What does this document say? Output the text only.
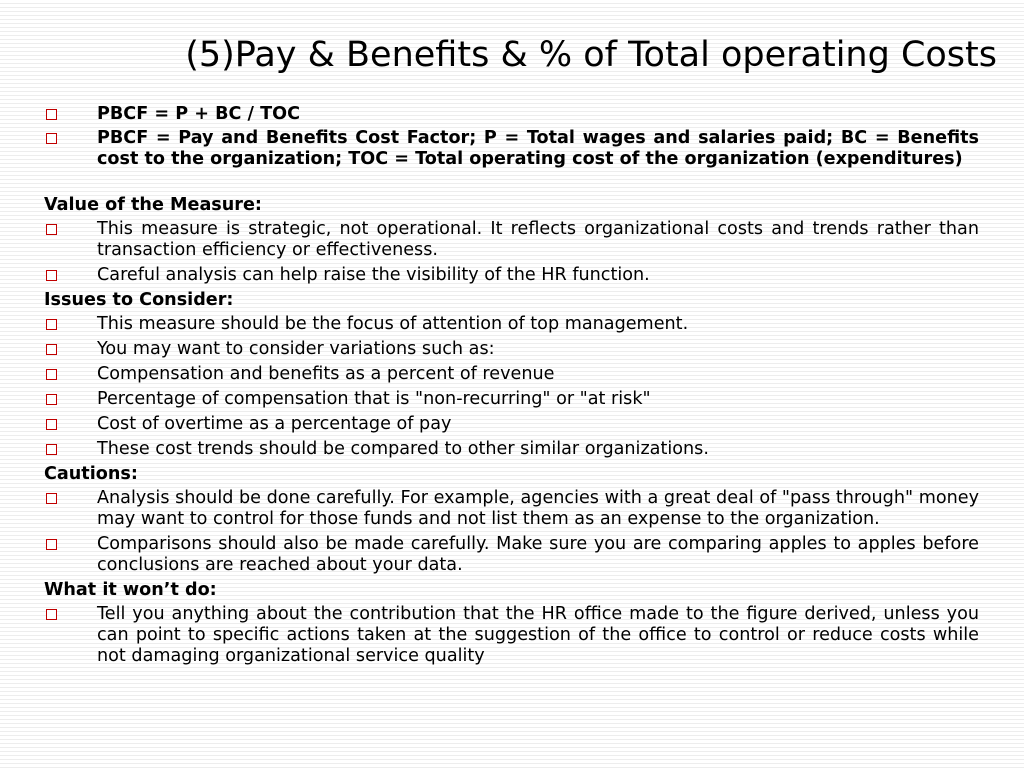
(5)Pay & Benefits & % of Total operating Costs
PBCF = P + BC / TOC
PBCF = Pay and Benefits Cost Factor; P = Total wages and salaries paid; BC = Benefits cost to the organization; TOC = Total operating cost of the organization (expenditures)
Value of the Measure:
This measure is strategic, not operational. It reflects organizational costs and trends rather than transaction efficiency or effectiveness.
Careful analysis can help raise the visibility of the HR function.
Issues to Consider:
This measure should be the focus of attention of top management.
You may want to consider variations such as:
Compensation and benefits as a percent of revenue
Percentage of compensation that is "non-recurring" or "at risk"
Cost of overtime as a percentage of pay
These cost trends should be compared to other similar organizations.
Cautions:
Analysis should be done carefully. For example, agencies with a great deal of "pass through" money may want to control for those funds and not list them as an expense to the organization.
Comparisons should also be made carefully. Make sure you are comparing apples to apples before conclusions are reached about your data.
What it won’t do:
Tell you anything about the contribution that the HR office made to the figure derived, unless you can point to specific actions taken at the suggestion of the office to control or reduce costs while not damaging organizational service quality
